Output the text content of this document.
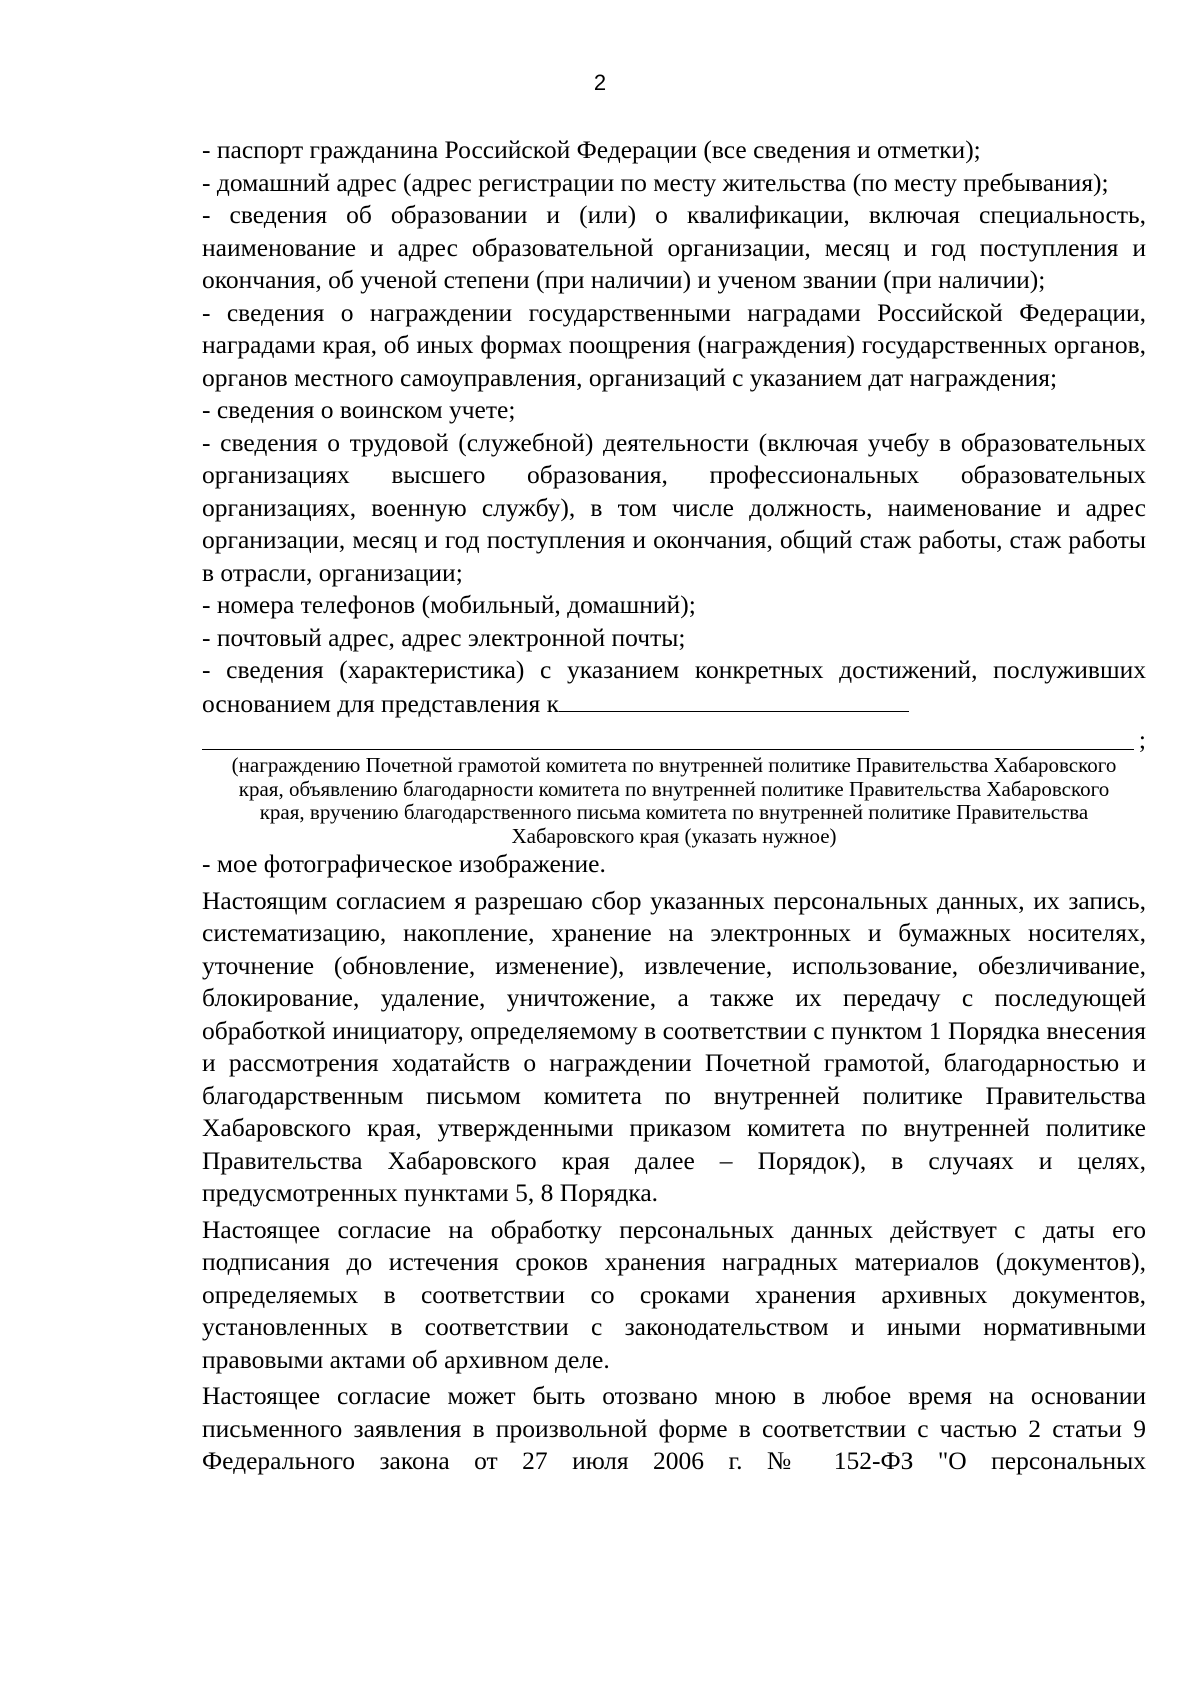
2

- паспорт гражданина Российской Федерации (все сведения и отметки);

- домашний адрес (адрес регистрации по месту жительства (по месту пребывания);

- сведения об образовании и (или) о квалификации, включая специальность, наименование и адрес образовательной организации, месяц и год поступления и окончания, об ученой степени (при наличии) и ученом звании (при наличии);

- сведения о награждении государственными наградами Российской Федерации, наградами края, об иных формах поощрения (награждения) государственных органов, органов местного самоуправления, организаций с указанием дат награждения;

- сведения о воинском учете;

- сведения о трудовой (служебной) деятельности (включая учебу в образовательных организациях высшего образования, профессиональных образовательных организациях, военную службу), в том числе должность, наименование и адрес организации, месяц и год поступления и окончания, общий стаж работы, стаж работы в отрасли, организации;

- номера телефонов (мобильный, домашний);

- почтовый адрес, адрес электронной почты;

- сведения (характеристика) с указанием конкретных достижений, послуживших основанием для представления к

;

(награждению Почетной грамотой комитета по внутренней политике Правительства Хабаровского края, объявлению благодарности комитета по внутренней политике Правительства Хабаровского края, вручению благодарственного письма комитета по внутренней политике Правительства Хабаровского края (указать нужное)

- мое фотографическое изображение.

Настоящим согласием я разрешаю сбор указанных персональных данных, их запись, систематизацию, накопление, хранение на электронных и бумажных носителях, уточнение (обновление, изменение), извлечение, использование, обезличивание, блокирование, удаление, уничтожение, а также их передачу с последующей обработкой инициатору, определяемому в соответствии с пунктом 1 Порядка внесения и рассмотрения ходатайств о награждении Почетной грамотой, благодарностью и благодарственным письмом комитета по внутренней политике Правительства Хабаровского края, утвержденными приказом комитета по внутренней политике Правительства Хабаровского края далее – Порядок), в случаях и целях, предусмотренных пунктами 5, 8 Порядка.

Настоящее согласие на обработку персональных данных действует с даты его подписания до истечения сроков хранения наградных материалов (документов), определяемых в соответствии со сроками хранения архивных документов, установленных в соответствии с законодательством и иными нормативными правовыми актами об архивном деле.

Настоящее согласие может быть отозвано мною в любое время на основании письменного заявления в произвольной форме в соответствии с частью 2 статьи 9 Федерального закона от 27 июля 2006 г. № 152-ФЗ "О персональных
